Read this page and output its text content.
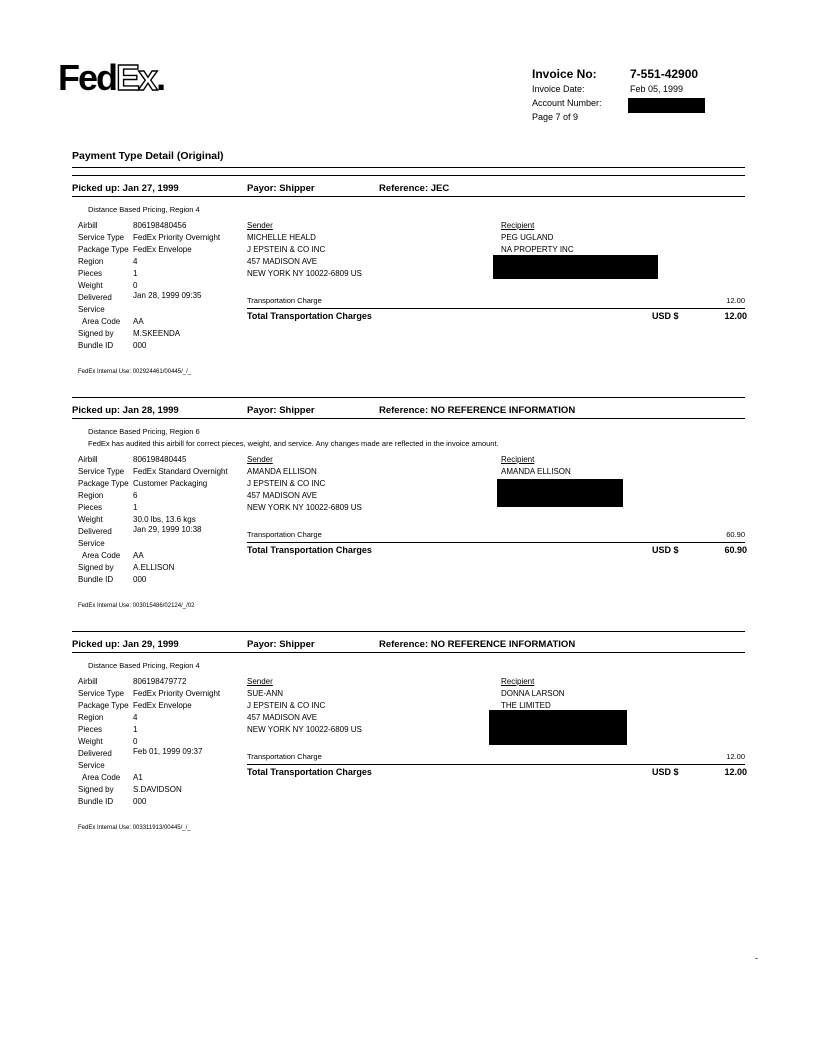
FedEx.	Invoice No:	7-551-42900
Invoice Date:	Feb 05, 1999
Account Number:
Page 7 of 9
Payment Type Detail (Original)
Picked up: Jan 27, 1999	Payor: Shipper	Reference: JEC
Distance Based Pricing, Region 4
Airbill	806198480456
Service Type FedEx Priority Overnight
Package Type FedEx Envelope
Region	4
Pieces	1
Weight	0
Delivered	Jan 28, 1999 09:35
Service
Area Code AA
Signed by M.SKEENDA
Bundle ID 000
Sender
MICHELLE HEALD
J EPSTEIN & CO INC
457 MADISON AVE
NEW YORK NY 10022-6809 US
Recipient
PEG UGLAND
NA PROPERTY INC
Transportation Charge	12.00
Total Transportation Charges	USD $	12.00
FedEx Internal Use: 002924461/00445/_/_
Picked up: Jan 28, 1999	Payor: Shipper	Reference: NO REFERENCE INFORMATION
Distance Based Pricing, Region 6
FedEx has audited this airbill for correct pieces, weight, and service. Any changes made are reflected in the invoice amount.
Airbill	806198480445
Service Type FedEx Standard Overnight
Package Type Customer Packaging
Region	6
Pieces	1
Weight	30.0 lbs, 13.6 kgs
Delivered	Jan 29, 1999 10:38
Service
Area Code AA
Signed by A.ELLISON
Bundle ID 000
Sender
AMANDA ELLISON
J EPSTEIN & CO INC
457 MADISON AVE
NEW YORK NY 10022-6809 US
Recipient
AMANDA ELLISON
Transportation Charge	60.90
Total Transportation Charges	USD $	60.90
FedEx Internal Use: 003015486/02124/_/02
Picked up: Jan 29, 1999	Payor: Shipper	Reference: NO REFERENCE INFORMATION
Distance Based Pricing, Region 4
Airbill	806198479772
Service Type FedEx Priority Overnight
Package Type FedEx Envelope
Region	4
Pieces	1
Weight	0
Delivered	Feb 01, 1999 09:37
Service
Area Code A1
Signed by S.DAVIDSON
Bundle ID 000
Sender
SUE-ANN
J EPSTEIN & CO INC
457 MADISON AVE
NEW YORK NY 10022-6809 US
Recipient
DONNA LARSON
THE LIMITED
Transportation Charge	12.00
Total Transportation Charges	USD $	12.00
FedEx Internal Use: 003311913/00445/_/_
-
